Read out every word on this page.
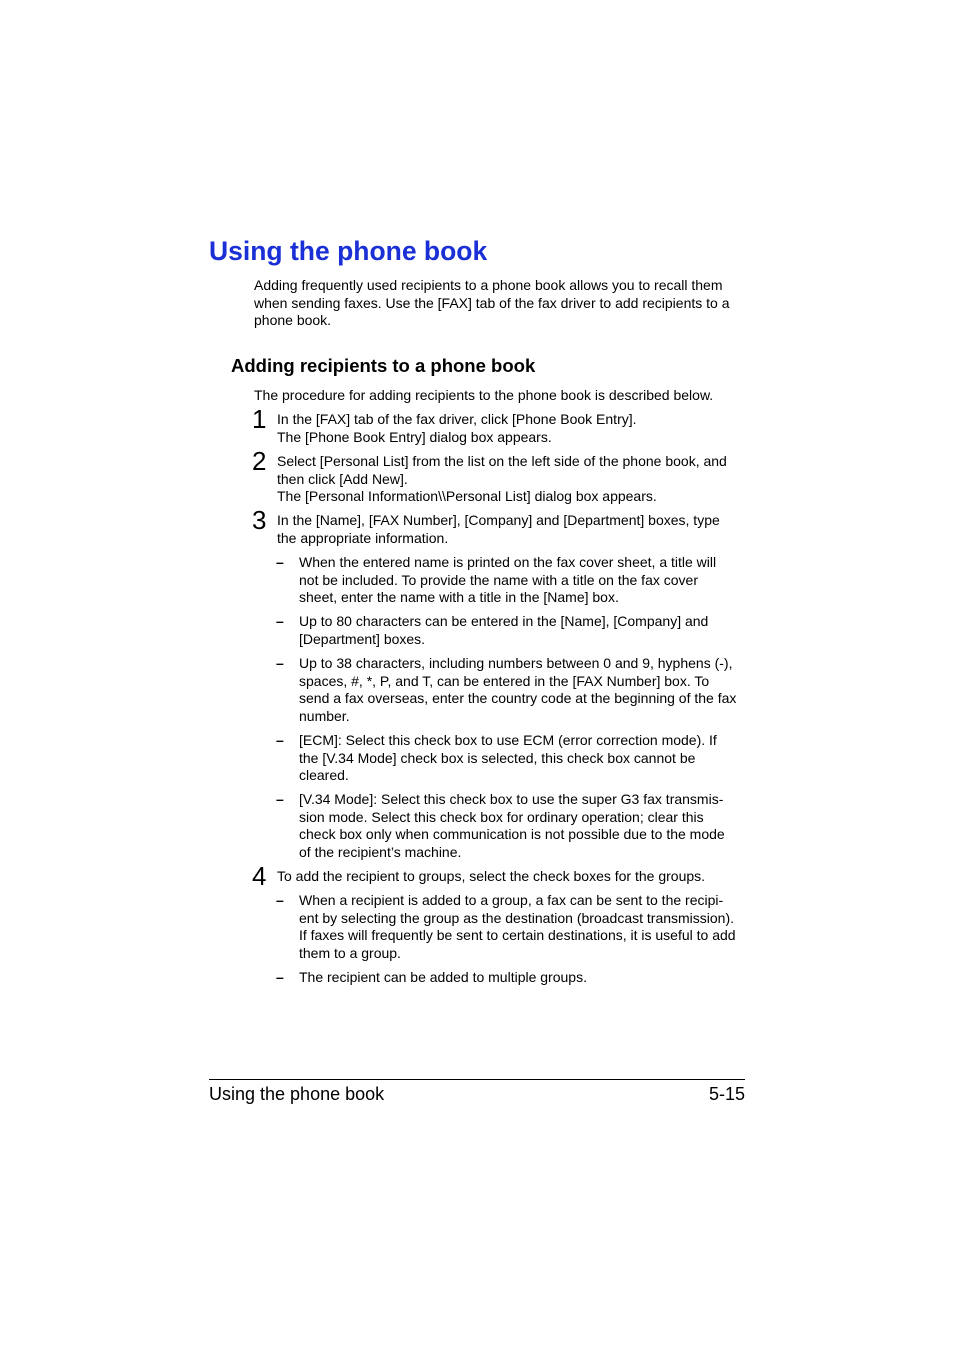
Using the phone book

Adding frequently used recipients to a phone book allows you to recall them
when sending faxes. Use the [FAX] tab of the fax driver to add recipients to a
phone book.

Adding recipients to a phone book

The procedure for adding recipients to the phone book is described below.

1 In the [FAX] tab of the fax driver, click [Phone Book Entry].
The [Phone Book Entry] dialog box appears.

2 Select [Personal List] from the list on the left side of the phone book, and
then click [Add New].
The [Personal Information\\Personal List] dialog box appears.

3 In the [Name], [FAX Number], [Company] and [Department] boxes, type
the appropriate information.

– When the entered name is printed on the fax cover sheet, a title will
not be included. To provide the name with a title on the fax cover
sheet, enter the name with a title in the [Name] box.

– Up to 80 characters can be entered in the [Name], [Company] and
[Department] boxes.

– Up to 38 characters, including numbers between 0 and 9, hyphens (-),
spaces, #, *, P, and T, can be entered in the [FAX Number] box. To
send a fax overseas, enter the country code at the beginning of the fax
number.

– [ECM]: Select this check box to use ECM (error correction mode). If
the [V.34 Mode] check box is selected, this check box cannot be
cleared.

– [V.34 Mode]: Select this check box to use the super G3 fax transmis-
sion mode. Select this check box for ordinary operation; clear this
check box only when communication is not possible due to the mode
of the recipient’s machine.

4 To add the recipient to groups, select the check boxes for the groups.

– When a recipient is added to a group, a fax can be sent to the recipi-
ent by selecting the group as the destination (broadcast transmission).
If faxes will frequently be sent to certain destinations, it is useful to add
them to a group.

– The recipient can be added to multiple groups.

Using the phone book	5-15
